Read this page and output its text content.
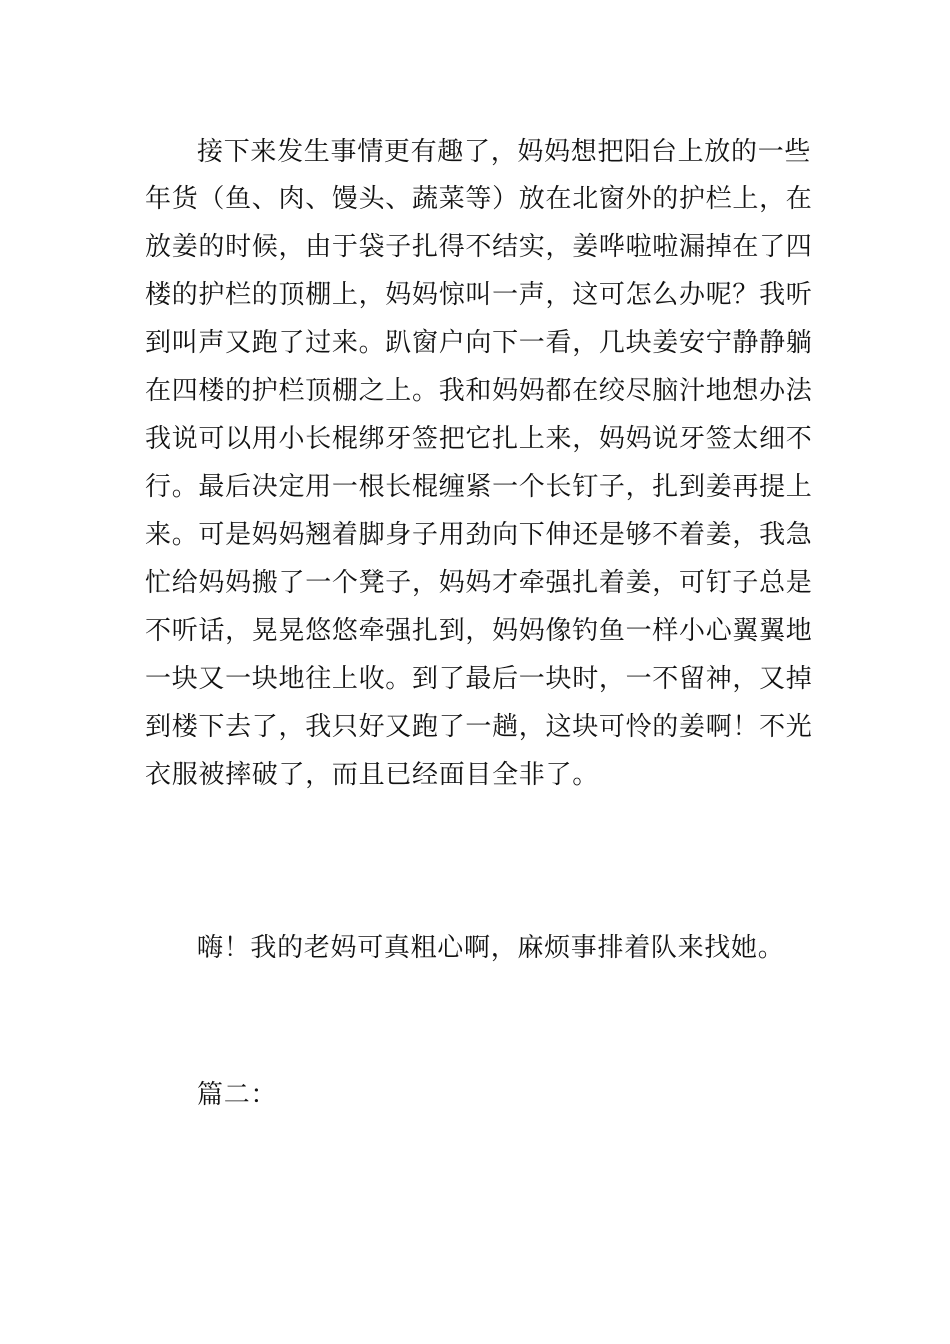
接下来发生事情更有趣了，妈妈想把阳台上放的一些
年货（鱼、肉、馒头、蔬菜等）放在北窗外的护栏上，在
放姜的时候，由于袋子扎得不结实，姜哗啦啦漏掉在了四
楼的护栏的顶棚上，妈妈惊叫一声，这可怎么办呢？我听
到叫声又跑了过来。趴窗户向下一看，几块姜安宁静静躺
在四楼的护栏顶棚之上。我和妈妈都在绞尽脑汁地想办法
我说可以用小长棍绑牙签把它扎上来，妈妈说牙签太细不
行。最后决定用一根长棍缠紧一个长钉子，扎到姜再提上
来。可是妈妈翘着脚身子用劲向下伸还是够不着姜，我急
忙给妈妈搬了一个凳子，妈妈才牵强扎着姜，可钉子总是
不听话，晃晃悠悠牵强扎到，妈妈像钓鱼一样小心翼翼地
一块又一块地往上收。到了最后一块时，一不留神，又掉
到楼下去了，我只好又跑了一趟，这块可怜的姜啊！不光
衣服被摔破了，而且已经面目全非了。
嗨！我的老妈可真粗心啊，麻烦事排着队来找她。
篇二：
